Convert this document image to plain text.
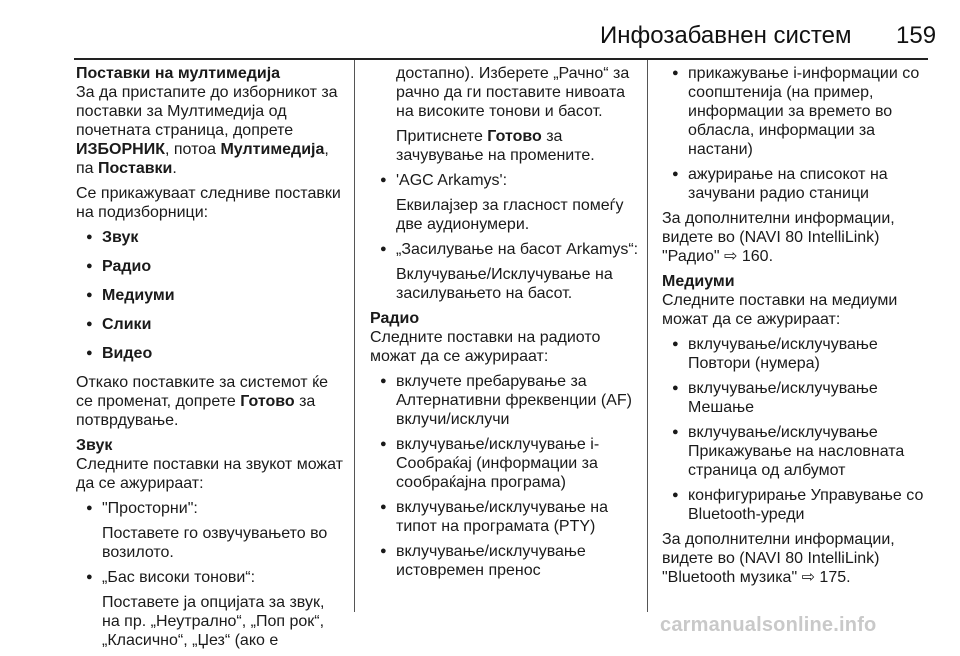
Инфозабавнен систем 159

Поставки на мултимедија

За да пристапите до изборникот за поставки за Мултимедија од почетната страница, допрете ИЗБОРНИК, потоа Мултимедија, па Поставки.

Се прикажуваат следниве поставки на подизборници:

● Звук
● Радио
● Медиуми
● Слики
● Видео

Откако поставките за системот ќе се променат, допрете Готово за потврдување.

Звук

Следните поставки на звукот можат да се ажурираат:

● "Просторни":
Поставете го озвучувањето во возилото.
● „Бас високи тонови“:
Поставете ја опцијата за звук, на пр. „Неутрално“, „Поп рок“, „Класично“, „Џез“ (ако е

достапно). Изберете „Рачно“ за рачно да ги поставите нивоата на високите тонови и басот.

Притиснете Готово за зачувување на промените.

● 'AGC Arkamys':
Еквилајзер за гласност помеѓу две аудионумери.
● „Засилување на басот Arkamys“:
Вклучување/Исклучување на засилувањето на басот.

Радио

Следните поставки на радиото можат да се ажурираат:

● вклучете пребарување за Алтернативни фреквенции (AF) вклучи/исклучи
● вклучување/исклучување i-Сообраќај (информации за сообраќајна програма)
● вклучување/исклучување на типот на програмата (PTY)
● вклучување/исклучување истовремен пренос
● прикажување i-информации со соопштенија (на пример, информации за времето во обласла, информации за настани)
● ажурирање на списокот на зачувани радио станици

За дополнителни информации, видете во (NAVI 80 IntelliLink) "Радио" ⇨ 160.

Медиуми

Следните поставки на медиуми можат да се ажурираат:

● вклучување/исклучување Повтори (нумера)
● вклучување/исклучување Мешање
● вклучување/исклучување Прикажување на насловната страница од албумот
● конфигурирање Управување со Bluetooth-уреди

За дополнителни информации, видете во (NAVI 80 IntelliLink) "Bluetooth музика" ⇨ 175.

carmanualsonline.info
